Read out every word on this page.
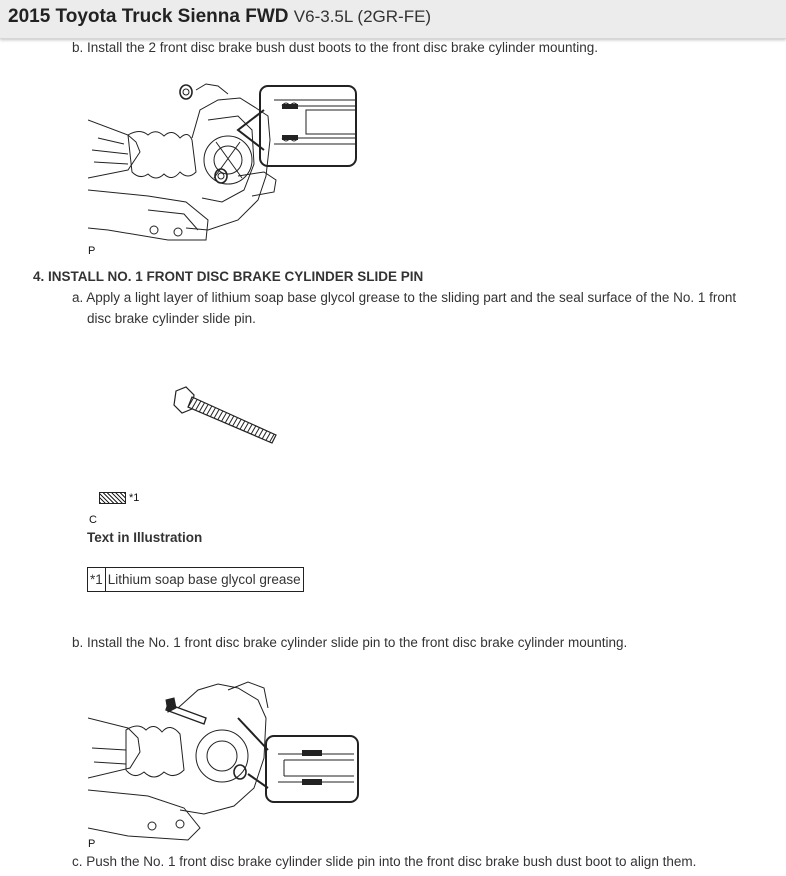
2015 Toyota Truck Sienna FWD V6-3.5L (2GR-FE)
b. Install the 2 front disc brake bush dust boots to the front disc brake cylinder mounting.
P
4. INSTALL NO. 1 FRONT DISC BRAKE CYLINDER SLIDE PIN
a. Apply a light layer of lithium soap base glycol grease to the sliding part and the seal surface of the No. 1 front
disc brake cylinder slide pin.
*1
C
Text in Illustration
*1	Lithium soap base glycol grease
b. Install the No. 1 front disc brake cylinder slide pin to the front disc brake cylinder mounting.
P
c. Push the No. 1 front disc brake cylinder slide pin into the front disc brake bush dust boot to align them.
